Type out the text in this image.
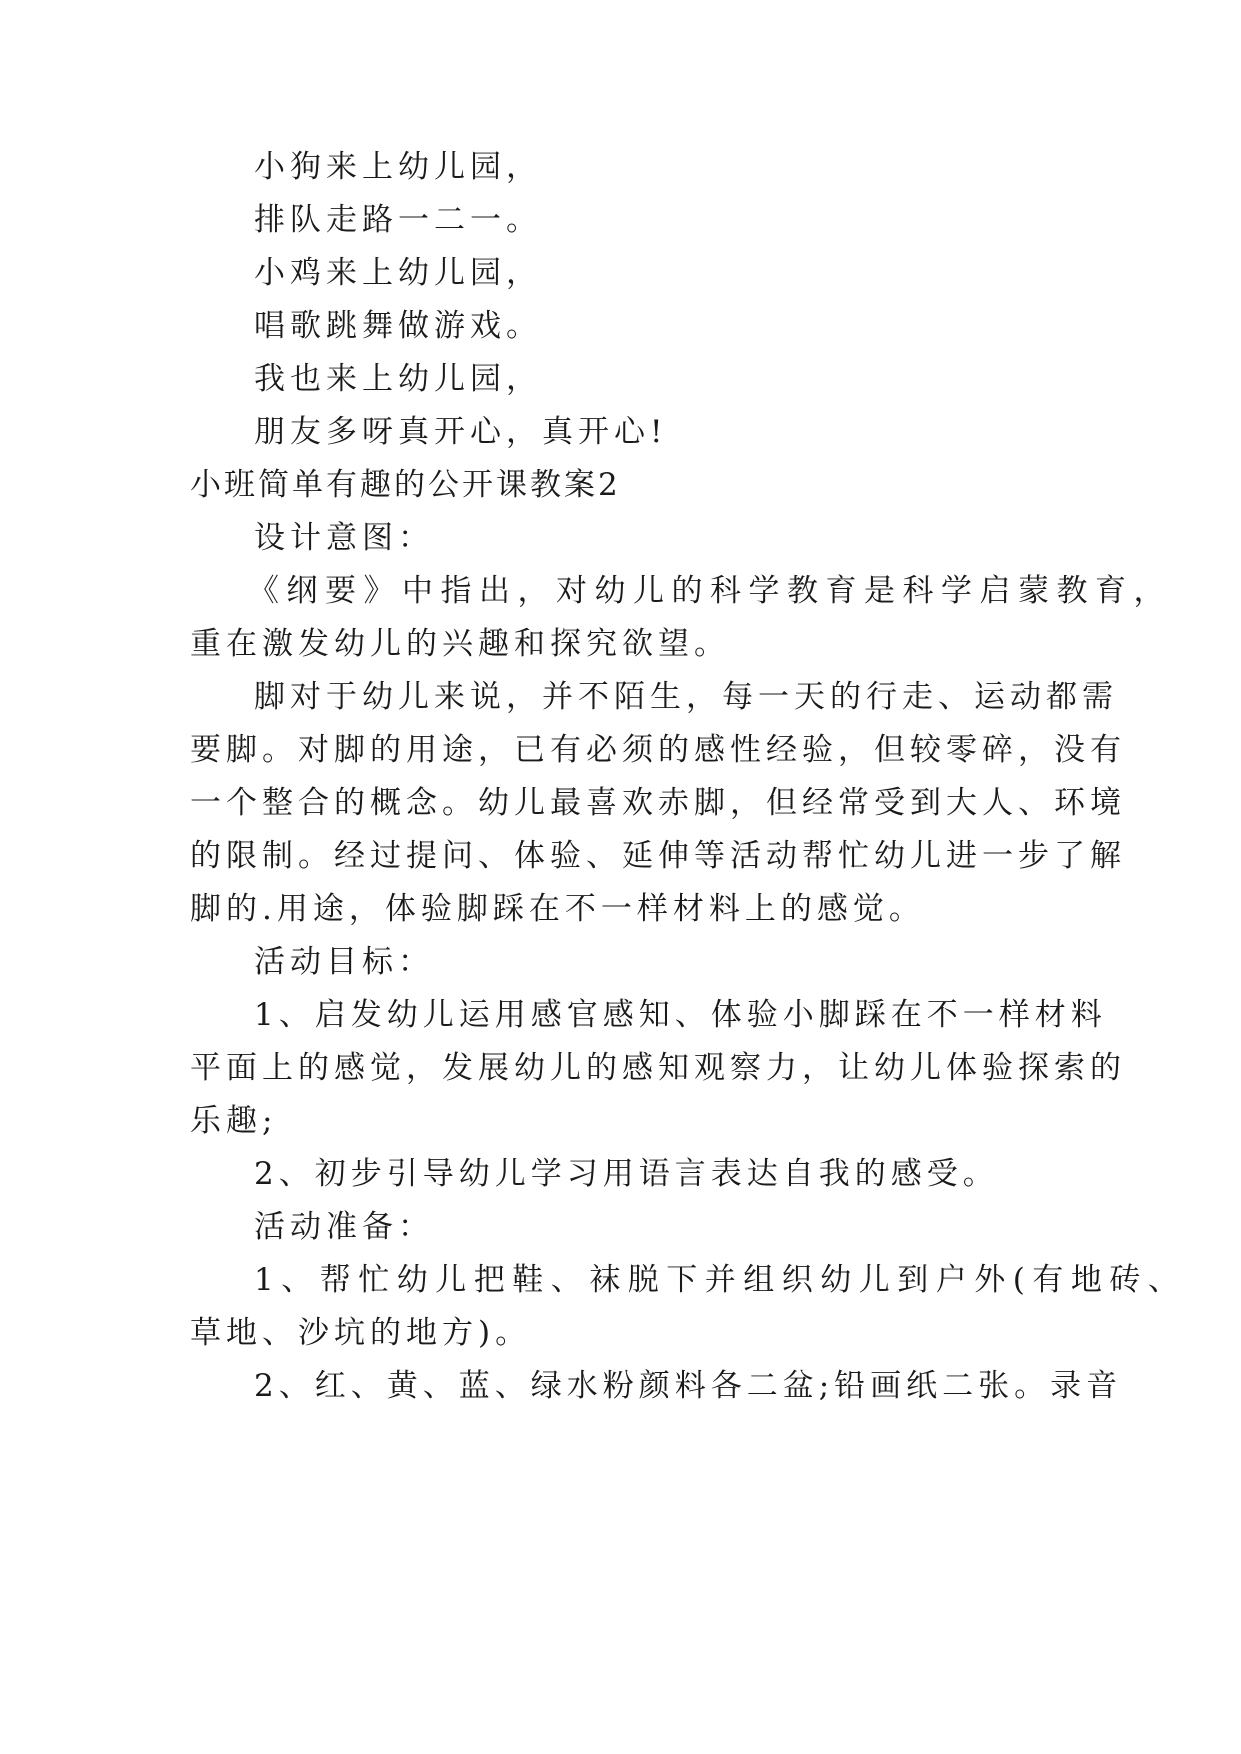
小狗来上幼儿园，
排队走路一二一。
小鸡来上幼儿园，
唱歌跳舞做游戏。
我也来上幼儿园，
朋友多呀真开心，真开心!
小班简单有趣的公开课教案2
设计意图：
《纲要》中指出，对幼儿的科学教育是科学启蒙教育，
重在激发幼儿的兴趣和探究欲望。
脚对于幼儿来说，并不陌生，每一天的行走、运动都需
要脚。对脚的用途，已有必须的感性经验，但较零碎，没有
一个整合的概念。幼儿最喜欢赤脚，但经常受到大人、环境
的限制。经过提问、体验、延伸等活动帮忙幼儿进一步了解
脚的.用途，体验脚踩在不一样材料上的感觉。
活动目标：
1、启发幼儿运用感官感知、体验小脚踩在不一样材料
平面上的感觉，发展幼儿的感知观察力，让幼儿体验探索的
乐趣;
2、初步引导幼儿学习用语言表达自我的感受。
活动准备：
1、帮忙幼儿把鞋、袜脱下并组织幼儿到户外(有地砖、
草地、沙坑的地方)。
2、红、黄、蓝、绿水粉颜料各二盆;铅画纸二张。录音
